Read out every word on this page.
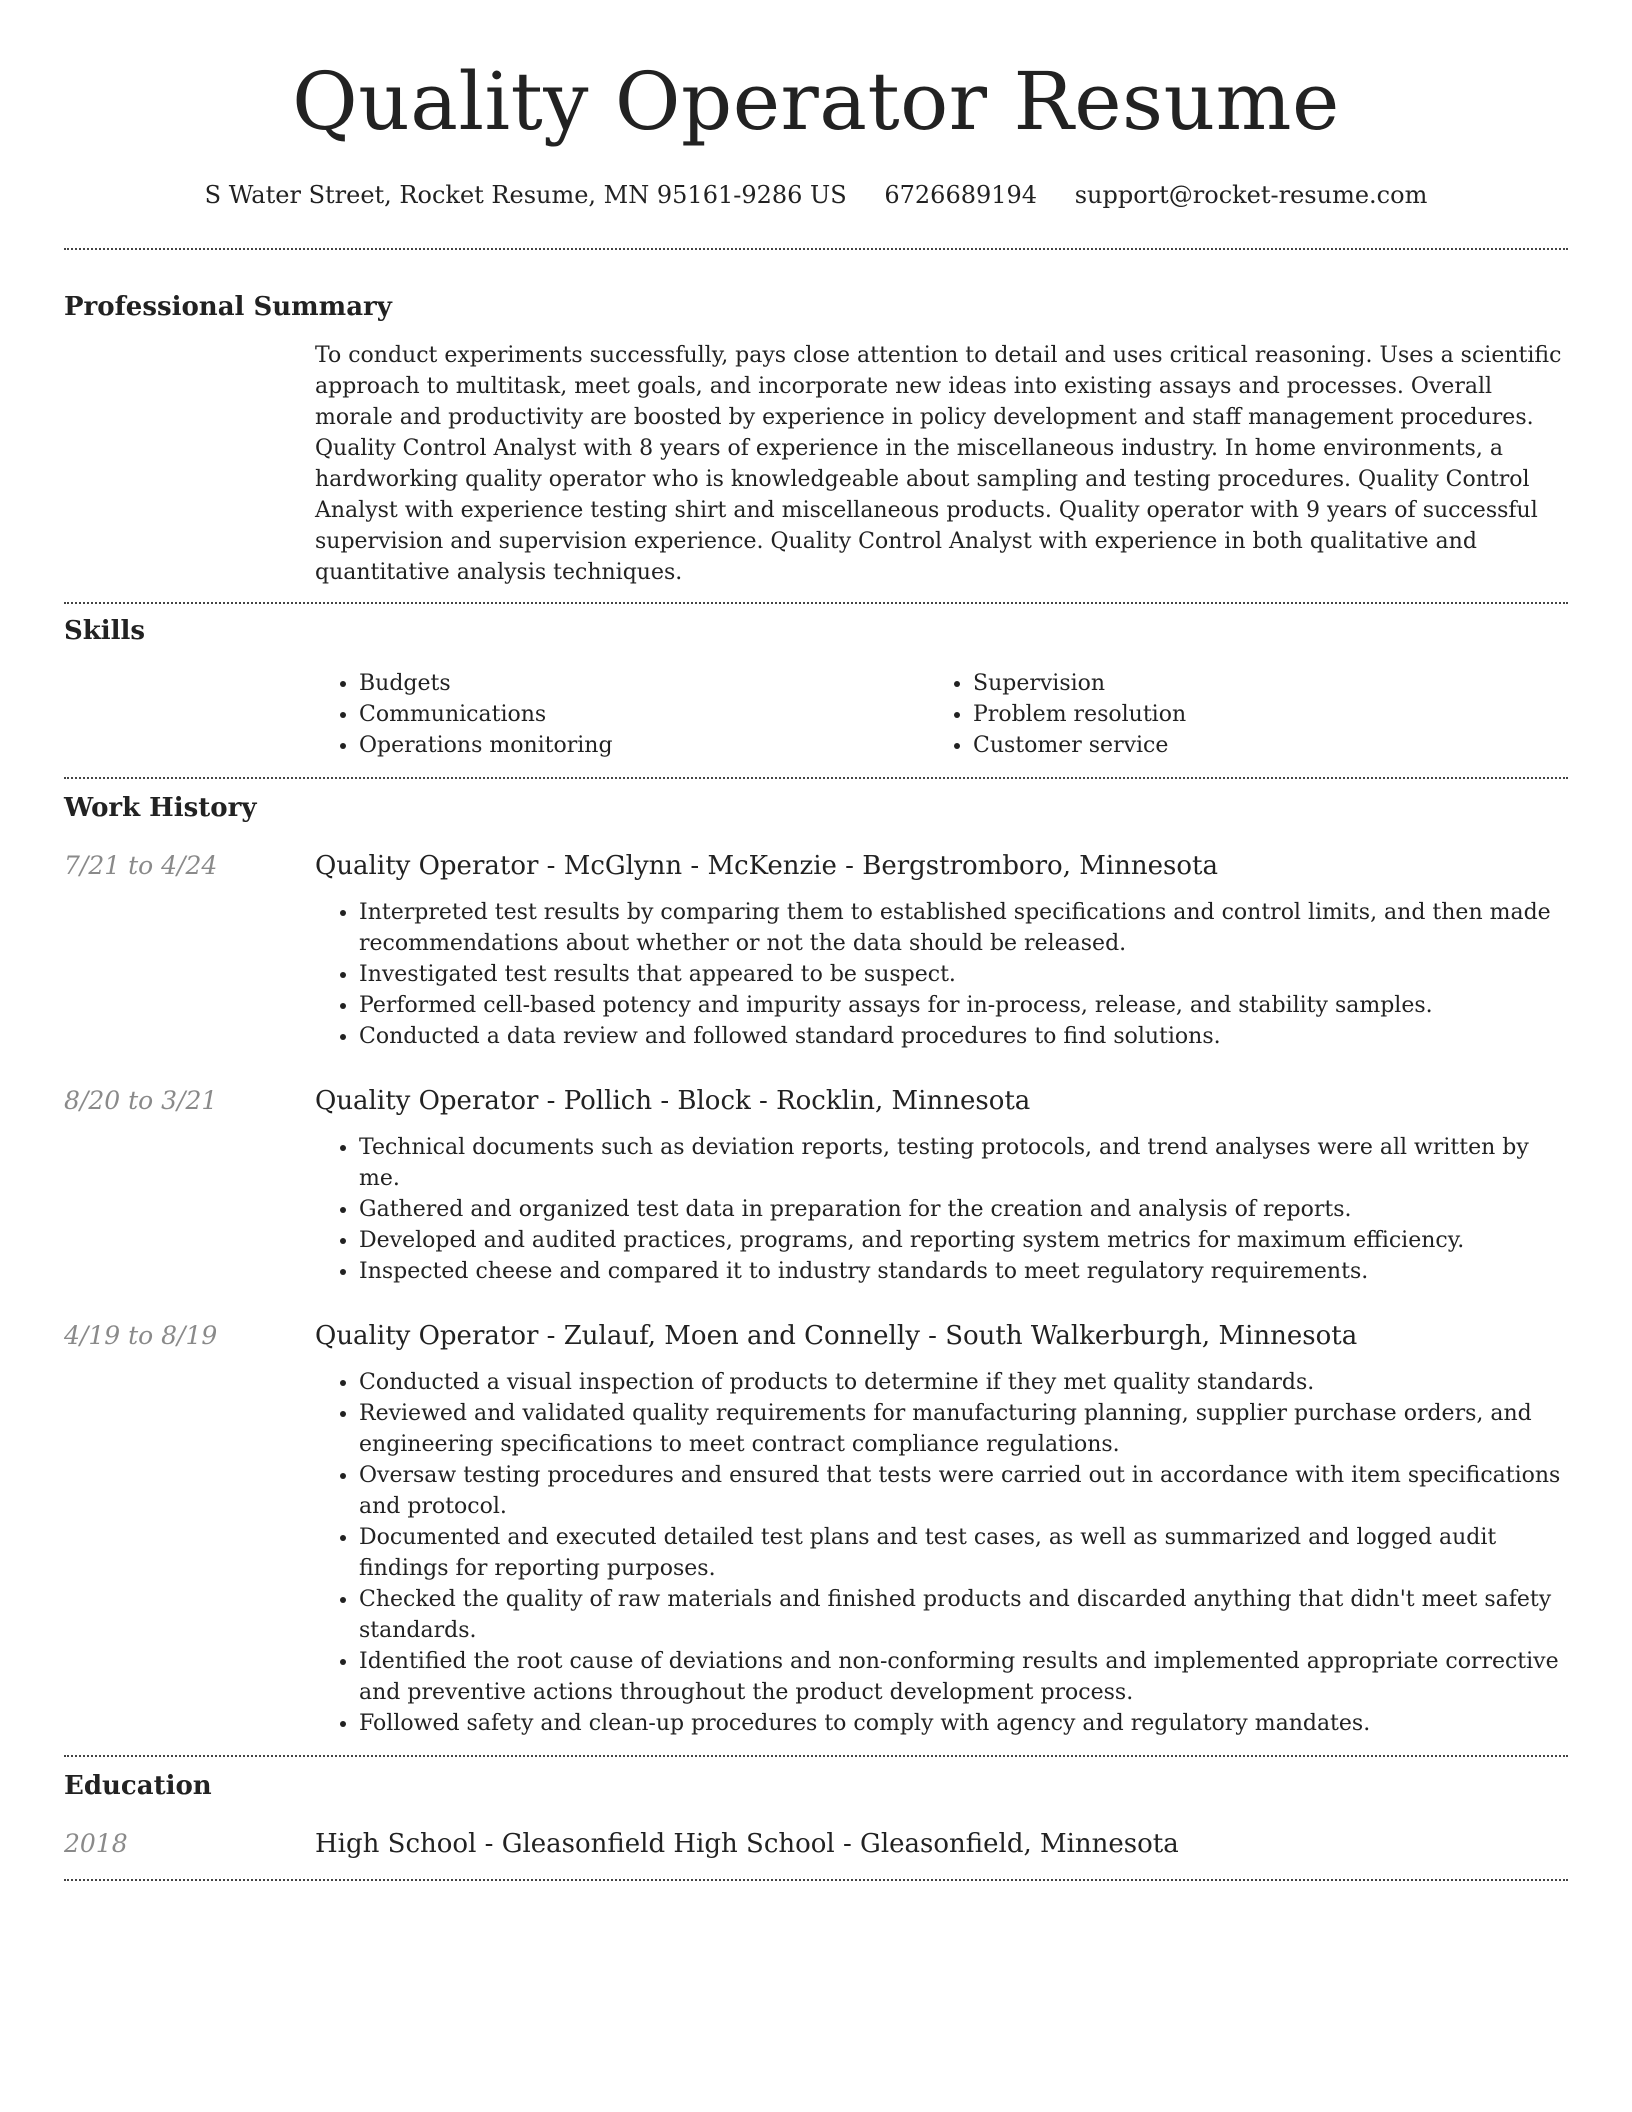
Quality Operator Resume
S Water Street, Rocket Resume, MN 95161-9286 US 6726689194 support@rocket-resume.com
Professional Summary

To conduct experiments successfully, pays close attention to detail and uses critical reasoning. Uses a scientific approach to multitask, meet goals, and incorporate new ideas into existing assays and processes. Overall morale and productivity are boosted by experience in policy development and staff management procedures. Quality Control Analyst with 8 years of experience in the miscellaneous industry. In home environments, a hardworking quality operator who is knowledgeable about sampling and testing procedures. Quality Control Analyst with experience testing shirt and miscellaneous products. Quality operator with 9 years of successful supervision and supervision experience. Quality Control Analyst with experience in both qualitative and quantitative analysis techniques.

Skills
• Budgets
• Communications
• Operations monitoring
• Supervision
• Problem resolution
• Customer service
Work History
7/21 to 4/24	Quality Operator - McGlynn - McKenzie - Bergstromboro, Minnesota
• Interpreted test results by comparing them to established specifications and control limits, and then made recommendations about whether or not the data should be released.
• Investigated test results that appeared to be suspect.
• Performed cell-based potency and impurity assays for in-process, release, and stability samples.
• Conducted a data review and followed standard procedures to find solutions.
8/20 to 3/21	Quality Operator - Pollich - Block - Rocklin, Minnesota
• Technical documents such as deviation reports, testing protocols, and trend analyses were all written by me.
• Gathered and organized test data in preparation for the creation and analysis of reports.
• Developed and audited practices, programs, and reporting system metrics for maximum efficiency.
• Inspected cheese and compared it to industry standards to meet regulatory requirements.
4/19 to 8/19	Quality Operator - Zulauf, Moen and Connelly - South Walkerburgh, Minnesota
• Conducted a visual inspection of products to determine if they met quality standards.
• Reviewed and validated quality requirements for manufacturing planning, supplier purchase orders, and engineering specifications to meet contract compliance regulations.
• Oversaw testing procedures and ensured that tests were carried out in accordance with item specifications and protocol.
• Documented and executed detailed test plans and test cases, as well as summarized and logged audit findings for reporting purposes.
• Checked the quality of raw materials and finished products and discarded anything that didn't meet safety standards.
• Identified the root cause of deviations and non-conforming results and implemented appropriate corrective and preventive actions throughout the product development process.
• Followed safety and clean-up procedures to comply with agency and regulatory mandates.
Education
2018	High School - Gleasonfield High School - Gleasonfield, Minnesota
